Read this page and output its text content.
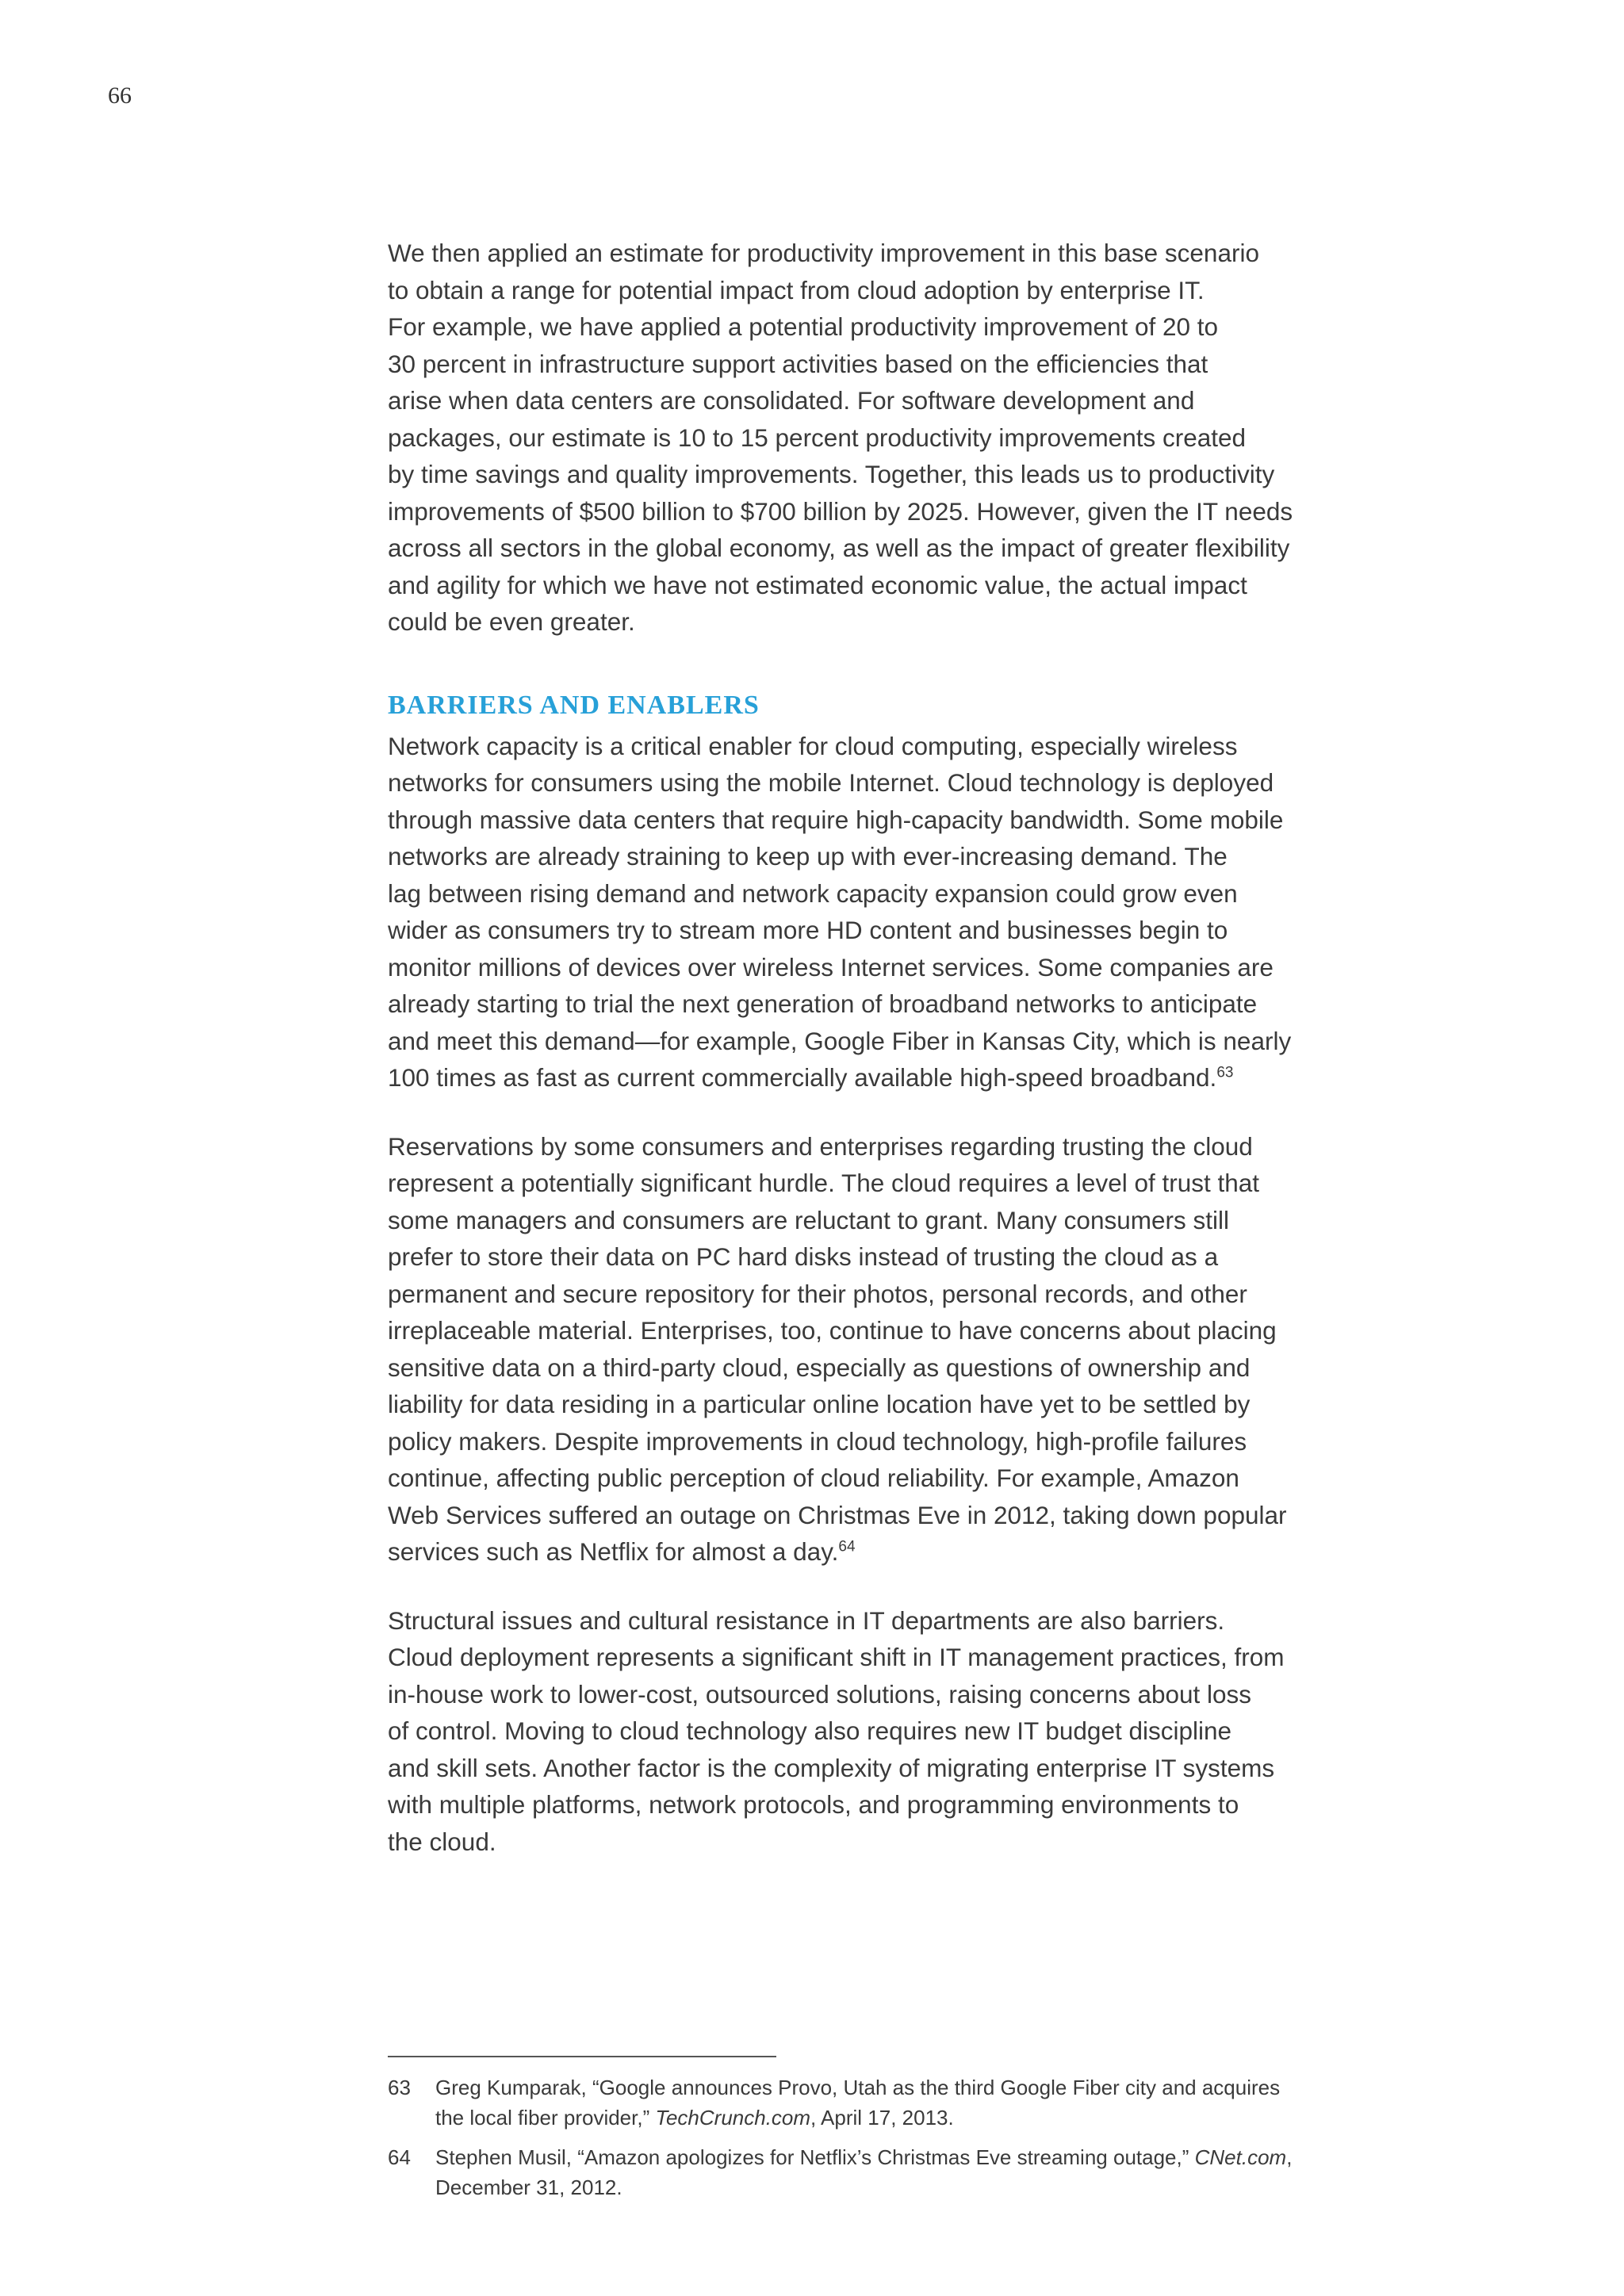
66

We then applied an estimate for productivity improvement in this base scenario
to obtain a range for potential impact from cloud adoption by enterprise IT.
For example, we have applied a potential productivity improvement of 20 to
30 percent in infrastructure support activities based on the efficiencies that
arise when data centers are consolidated. For software development and
packages, our estimate is 10 to 15 percent productivity improvements created
by time savings and quality improvements. Together, this leads us to productivity
improvements of $500 billion to $700 billion by 2025. However, given the IT needs
across all sectors in the global economy, as well as the impact of greater flexibility
and agility for which we have not estimated economic value, the actual impact
could be even greater.

BARRIERS AND ENABLERS

Network capacity is a critical enabler for cloud computing, especially wireless
networks for consumers using the mobile Internet. Cloud technology is deployed
through massive data centers that require high-capacity bandwidth. Some mobile
networks are already straining to keep up with ever-increasing demand. The
lag between rising demand and network capacity expansion could grow even
wider as consumers try to stream more HD content and businesses begin to
monitor millions of devices over wireless Internet services. Some companies are
already starting to trial the next generation of broadband networks to anticipate
and meet this demand—for example, Google Fiber in Kansas City, which is nearly
100 times as fast as current commercially available high-speed broadband.$^{63}$

Reservations by some consumers and enterprises regarding trusting the cloud
represent a potentially significant hurdle. The cloud requires a level of trust that
some managers and consumers are reluctant to grant. Many consumers still
prefer to store their data on PC hard disks instead of trusting the cloud as a
permanent and secure repository for their photos, personal records, and other
irreplaceable material. Enterprises, too, continue to have concerns about placing
sensitive data on a third-party cloud, especially as questions of ownership and
liability for data residing in a particular online location have yet to be settled by
policy makers. Despite improvements in cloud technology, high-profile failures
continue, affecting public perception of cloud reliability. For example, Amazon
Web Services suffered an outage on Christmas Eve in 2012, taking down popular
services such as Netflix for almost a day.$^{64}$

Structural issues and cultural resistance in IT departments are also barriers.
Cloud deployment represents a significant shift in IT management practices, from
in-house work to lower-cost, outsourced solutions, raising concerns about loss
of control. Moving to cloud technology also requires new IT budget discipline
and skill sets. Another factor is the complexity of migrating enterprise IT systems
with multiple platforms, network protocols, and programming environments to
the cloud.

63 Greg Kumparak, “Google announces Provo, Utah as the third Google Fiber city and acquires
the local fiber provider,” TechCrunch.com, April 17, 2013.
64 Stephen Musil, “Amazon apologizes for Netflix’s Christmas Eve streaming outage,” CNet.com,
December 31, 2012.
